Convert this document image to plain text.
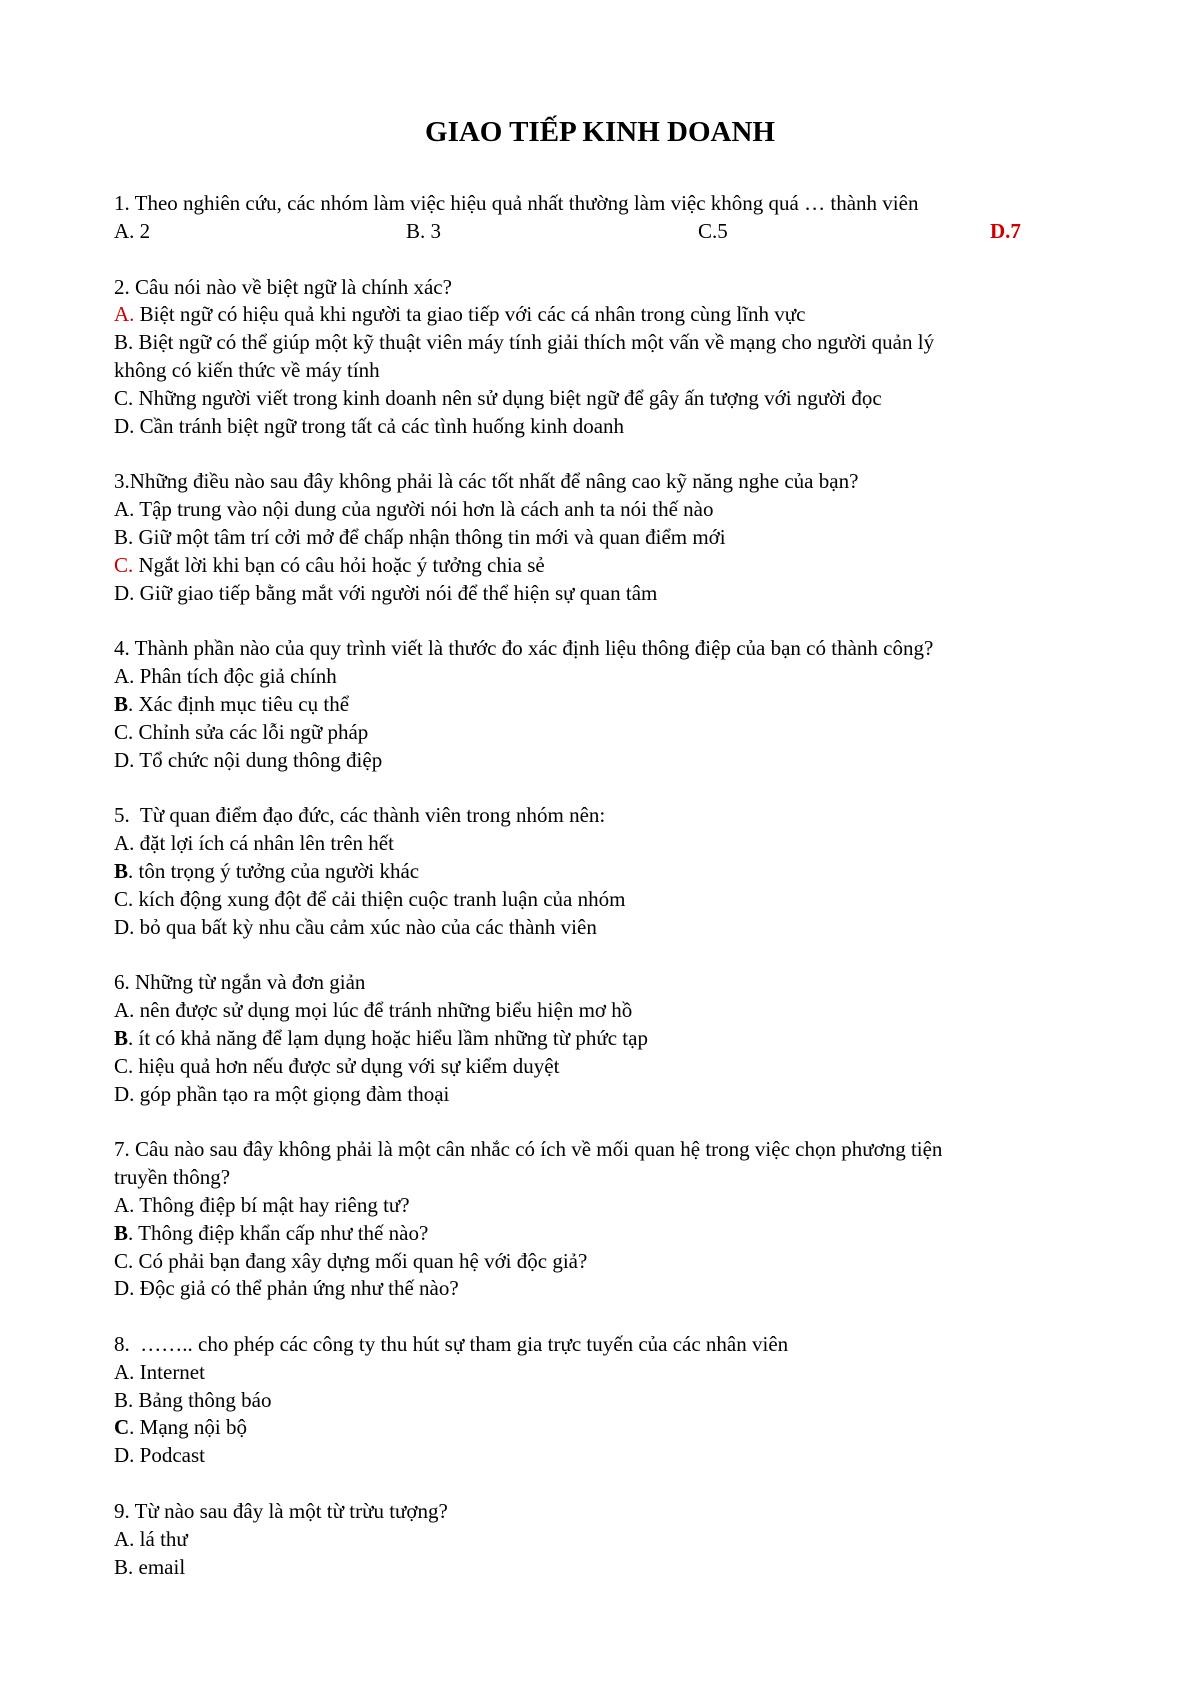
GIAO TIẾP KINH DOANH

1. Theo nghiên cứu, các nhóm làm việc hiệu quả nhất thường làm việc không quá … thành viên

A. 2	B. 3	C.5	D.7

2. Câu nói nào về biệt ngữ là chính xác?

A. Biệt ngữ có hiệu quả khi người ta giao tiếp với các cá nhân trong cùng lĩnh vực

B. Biệt ngữ có thể giúp một kỹ thuật viên máy tính giải thích một vấn về mạng cho người quản lý

không có kiến thức về máy tính

C. Những người viết trong kinh doanh nên sử dụng biệt ngữ để gây ấn tượng với người đọc

D. Cần tránh biệt ngữ trong tất cả các tình huống kinh doanh

3.Những điều nào sau đây không phải là các tốt nhất để nâng cao kỹ năng nghe của bạn?

A. Tập trung vào nội dung của người nói hơn là cách anh ta nói thế nào

B. Giữ một tâm trí cởi mở để chấp nhận thông tin mới và quan điểm mới

C. Ngắt lời khi bạn có câu hỏi hoặc ý tưởng chia sẻ

D. Giữ giao tiếp bằng mắt với người nói để thể hiện sự quan tâm

4. Thành phần nào của quy trình viết là thước đo xác định liệu thông điệp của bạn có thành công?

A. Phân tích độc giả chính

B. Xác định mục tiêu cụ thể

C. Chỉnh sửa các lỗi ngữ pháp

D. Tổ chức nội dung thông điệp

5.  Từ quan điểm đạo đức, các thành viên trong nhóm nên:

A. đặt lợi ích cá nhân lên trên hết

B. tôn trọng ý tưởng của người khác

C. kích động xung đột để cải thiện cuộc tranh luận của nhóm

D. bỏ qua bất kỳ nhu cầu cảm xúc nào của các thành viên

6. Những từ ngắn và đơn giản

A. nên được sử dụng mọi lúc để tránh những biểu hiện mơ hồ

B. ít có khả năng để lạm dụng hoặc hiểu lầm những từ phức tạp

C. hiệu quả hơn nếu được sử dụng với sự kiểm duyệt

D. góp phần tạo ra một giọng đàm thoại

7. Câu nào sau đây không phải là một cân nhắc có ích về mối quan hệ trong việc chọn phương tiện

truyền thông?

A. Thông điệp bí mật hay riêng tư?

B. Thông điệp khẩn cấp như thế nào?

C. Có phải bạn đang xây dựng mối quan hệ với độc giả?

D. Độc giả có thể phản ứng như thế nào?

8.  …….. cho phép các công ty thu hút sự tham gia trực tuyến của các nhân viên

A. Internet

B. Bảng thông báo

C. Mạng nội bộ

D. Podcast

9. Từ nào sau đây là một từ trừu tượng?

A. lá thư

B. email
